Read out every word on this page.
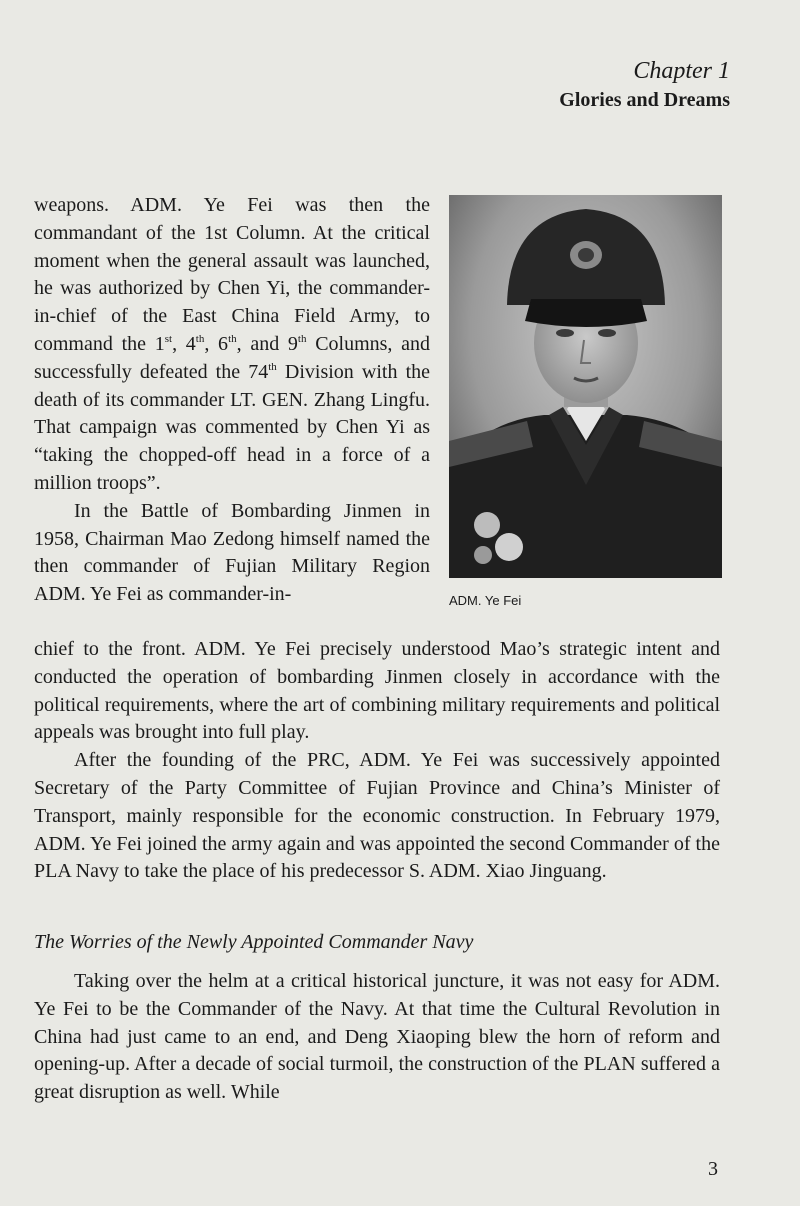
Chapter 1
Glories and Dreams

weapons. ADM. Ye Fei was then the commandant of the 1st Column. At the critical moment when the general assault was launched, he was authorized by Chen Yi, the commander-in-chief of the East China Field Army, to command the 1st, 4th, 6th, and 9th Columns, and successfully defeated the 74th Division with the death of its commander LT. GEN. Zhang Lingfu. That campaign was commented by Chen Yi as “taking the chopped-off head in a force of a million troops”.

In the Battle of Bombarding Jinmen in 1958, Chairman Mao Zedong himself named the then commander of Fujian Military Region ADM. Ye Fei as commander-in-	ADM. Ye Fei

chief to the front. ADM. Ye Fei precisely understood Mao’s strategic intent and conducted the operation of bombarding Jinmen closely in accordance with the political requirements, where the art of combining military requirements and political appeals was brought into full play.

After the founding of the PRC, ADM. Ye Fei was successively appointed Secretary of the Party Committee of Fujian Province and China’s Minister of Transport, mainly responsible for the economic construction. In February 1979, ADM. Ye Fei joined the army again and was appointed the second Commander of the PLA Navy to take the place of his predecessor S. ADM. Xiao Jinguang.

The Worries of the Newly Appointed Commander Navy

Taking over the helm at a critical historical juncture, it was not easy for ADM. Ye Fei to be the Commander of the Navy. At that time the Cultural Revolution in China had just came to an end, and Deng Xiaoping blew the horn of reform and opening-up. After a decade of social turmoil, the construction of the PLAN suffered a great disruption as well. While

3
